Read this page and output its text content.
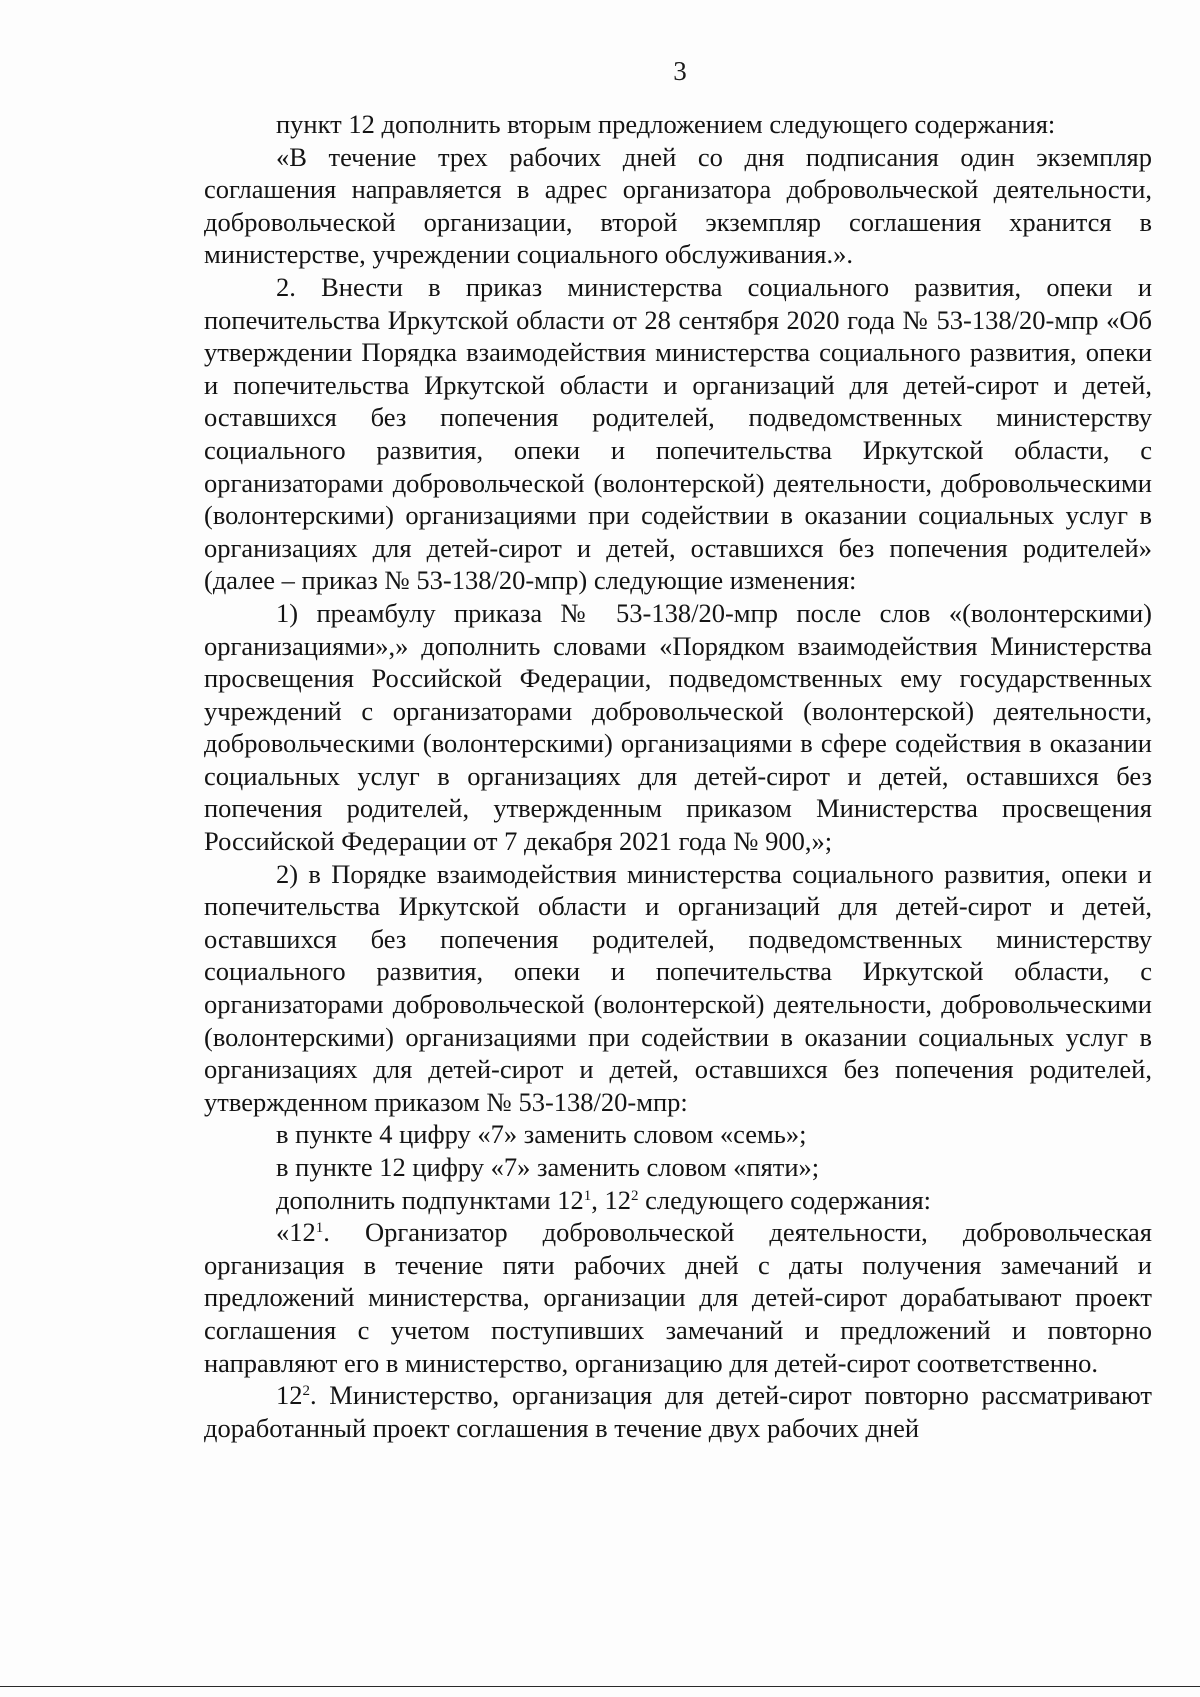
3

пункт 12 дополнить вторым предложением следующего содержания:

«В течение трех рабочих дней со дня подписания один экземпляр соглашения направляется в адрес организатора добровольческой деятельности, добровольческой организации, второй экземпляр соглашения хранится в министерстве, учреждении социального обслуживания.».

2. Внести в приказ министерства социального развития, опеки и попечительства Иркутской области от 28 сентября 2020 года № 53-138/20-мпр «Об утверждении Порядка взаимодействия министерства социального развития, опеки и попечительства Иркутской области и организаций для детей-сирот и детей, оставшихся без попечения родителей, подведомственных министерству социального развития, опеки и попечительства Иркутской области, с организаторами добровольческой (волонтерской) деятельности, добровольческими (волонтерскими) организациями при содействии в оказании социальных услуг в организациях для детей-сирот и детей, оставшихся без попечения родителей» (далее – приказ № 53-138/20-мпр) следующие изменения:

1) преамбулу приказа № 53-138/20-мпр после слов «(волонтерскими) организациями»,» дополнить словами «Порядком взаимодействия Министерства просвещения Российской Федерации, подведомственных ему государственных учреждений с организаторами добровольческой (волонтерской) деятельности, добровольческими (волонтерскими) организациями в сфере содействия в оказании социальных услуг в организациях для детей-сирот и детей, оставшихся без попечения родителей, утвержденным приказом Министерства просвещения Российской Федерации от 7 декабря 2021 года № 900,»;

2) в Порядке взаимодействия министерства социального развития, опеки и попечительства Иркутской области и организаций для детей-сирот и детей, оставшихся без попечения родителей, подведомственных министерству социального развития, опеки и попечительства Иркутской области, с организаторами добровольческой (волонтерской) деятельности, добровольческими (волонтерскими) организациями при содействии в оказании социальных услуг в организациях для детей-сирот и детей, оставшихся без попечения родителей, утвержденном приказом № 53-138/20-мпр:

в пункте 4 цифру «7» заменить словом «семь»;

в пункте 12 цифру «7» заменить словом «пяти»;

дополнить подпунктами $12^1$, $12^2$ следующего содержания:

«$12^1$. Организатор добровольческой деятельности, добровольческая организация в течение пяти рабочих дней с даты получения замечаний и предложений министерства, организации для детей-сирот дорабатывают проект соглашения с учетом поступивших замечаний и предложений и повторно направляют его в министерство, организацию для детей-сирот соответственно.

$12^2$. Министерство, организация для детей-сирот повторно рассматривают доработанный проект соглашения в течение двух рабочих дней
